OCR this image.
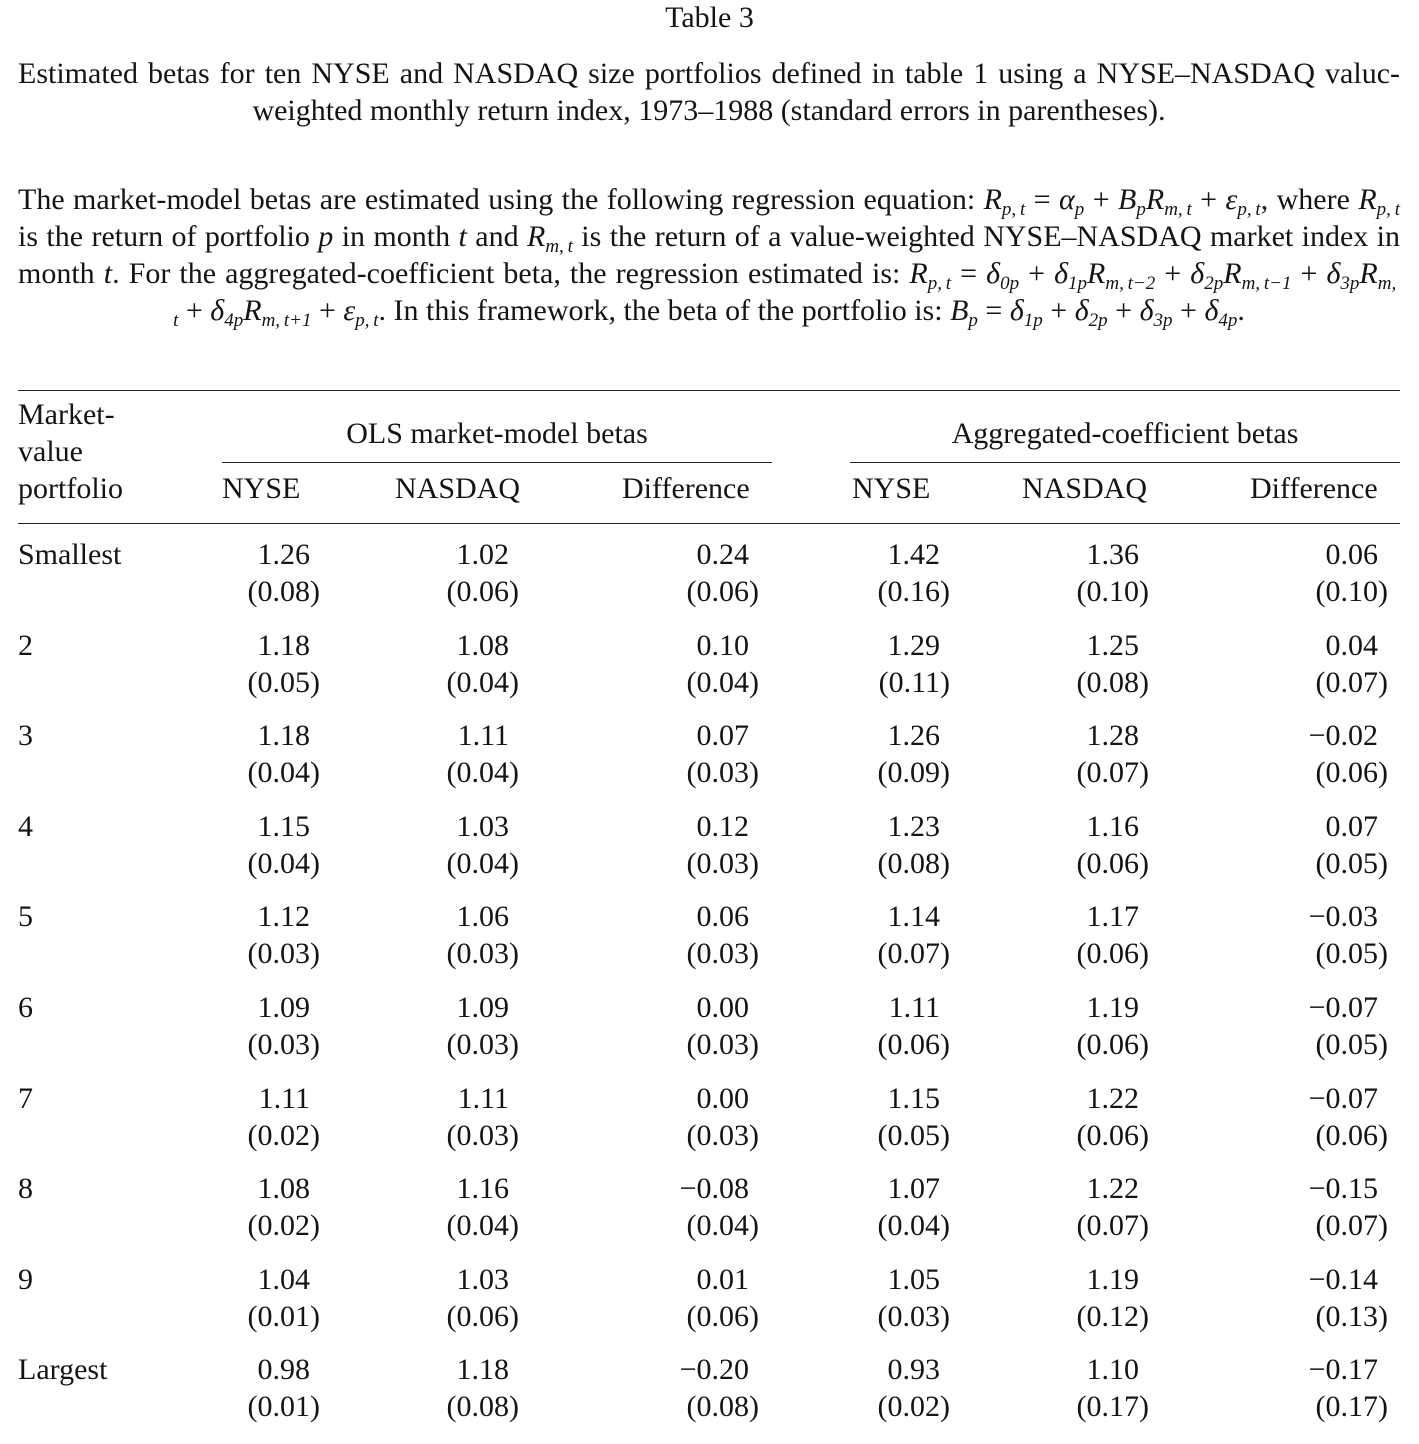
Table 3
Estimated betas for ten NYSE and NASDAQ size portfolios defined in table 1 using a NYSE–NASDAQ valuc-weighted monthly return index, 1973–1988 (standard errors in parentheses).
The market-model betas are estimated using the following regression equation: $R_{p, t} = \alpha_p + B_pR_{m, t} + \varepsilon_{p, t}$, where $R_{p, t}$ is the return of portfolio p in month t and $R_{m, t}$ is the return of a value-weighted NYSE–NASDAQ market index in month t. For the aggregated-coefficient beta, the regression estimated is: $R_{p, t} = \delta_{0p} + \delta_{1p}R_{m, t-2} + \delta_{2p}R_{m, t-1} + \delta_{3p}R_{m, t} + \delta_{4p}R_{m, t+1} + \varepsilon_{p, t}$. In this framework, the beta of the portfolio is: $B_p = \delta_{1p} + \delta_{2p} + \delta_{3p} + \delta_{4p}$.
Market-
value
portfolio
OLS market-model betas	Aggregated-coefficient betas
NYSE	NASDAQ	Difference	NYSE	NASDAQ	Difference
Smallest	1.26	1.02	0.24	1.42	1.36	0.06
(0.08)	(0.06)	(0.06)	(0.16)	(0.10)	(0.10)
2	1.18	1.08	0.10	1.29	1.25	0.04
(0.05)	(0.04)	(0.04)	(0.11)	(0.08)	(0.07)
3	1.18	1.11	0.07	1.26	1.28	−0.02
(0.04)	(0.04)	(0.03)	(0.09)	(0.07)	(0.06)
4	1.15	1.03	0.12	1.23	1.16	0.07
(0.04)	(0.04)	(0.03)	(0.08)	(0.06)	(0.05)
5	1.12	1.06	0.06	1.14	1.17	−0.03
(0.03)	(0.03)	(0.03)	(0.07)	(0.06)	(0.05)
6	1.09	1.09	0.00	1.11	1.19	−0.07
(0.03)	(0.03)	(0.03)	(0.06)	(0.06)	(0.05)
7	1.11	1.11	0.00	1.15	1.22	−0.07
(0.02)	(0.03)	(0.03)	(0.05)	(0.06)	(0.06)
8	1.08	1.16	−0.08	1.07	1.22	−0.15
(0.02)	(0.04)	(0.04)	(0.04)	(0.07)	(0.07)
9	1.04	1.03	0.01	1.05	1.19	−0.14
(0.01)	(0.06)	(0.06)	(0.03)	(0.12)	(0.13)
Largest	0.98	1.18	−0.20	0.93	1.10	−0.17
(0.01)	(0.08)	(0.08)	(0.02)	(0.17)	(0.17)
